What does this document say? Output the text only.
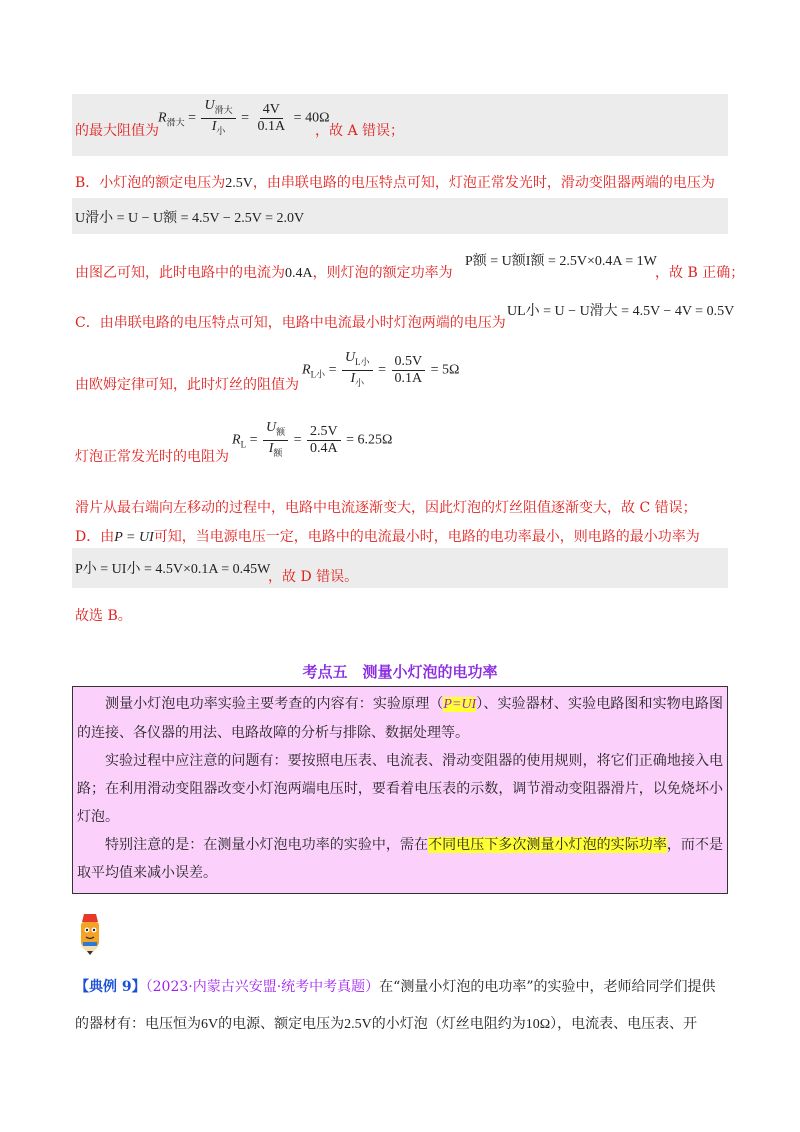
的最大阻值为
$R_{滑大} = \frac{U_{滑大}}{I_小} = \frac{4V}{0.1A} = 40\Omega$
，故 A 错误；
B．小灯泡的额定电压为2.5V，由串联电路的电压特点可知，灯泡正常发光时，滑动变阻器两端的电压为
U滑小 = U − U额 = 4.5V − 2.5V = 2.0V
由图乙可知，此时电路中的电流为0.4A，则灯泡的额定功率为
P额 = U额I额 = 2.5V×0.4A = 1W
，故 B 正确；
C．由串联电路的电压特点可知，电路中电流最小时灯泡两端的电压为
UL小 = U − U滑大 = 4.5V − 4V = 0.5V
由欧姆定律可知，此时灯丝的阻值为
$R_{L小} = \frac{U_{L小}}{I_小} = \frac{0.5V}{0.1A} = 5\Omega$
灯泡正常发光时的电阻为
$R_L = \frac{U_额}{I_额} = \frac{2.5V}{0.4A} = 6.25\Omega$
滑片从最右端向左移动的过程中，电路中电流逐渐变大，因此灯泡的灯丝阻值逐渐变大，故 C 错误；
D．由P = UI可知，当电源电压一定，电路中的电流最小时，电路的电功率最小，则电路的最小功率为
P小 = UI小 = 4.5V×0.1A = 0.45W
，故 D 错误。
故选 B。
考点五　测量小灯泡的电功率

测量小灯泡电功率实验主要考查的内容有：实验原理（P=UI）、实验器材、实验电路图和实物电路图的连接、各仪器的用法、电路故障的分析与排除、数据处理等。

实验过程中应注意的问题有：要按照电压表、电流表、滑动变阻器的使用规则，将它们正确地接入电路；在利用滑动变阻器改变小灯泡两端电压时，要看着电压表的示数，调节滑动变阻器滑片，以免烧坏小灯泡。

特别注意的是：在测量小灯泡电功率的实验中，需在不同电压下多次测量小灯泡的实际功率，而不是取平均值来减小误差。

【典例 9】（2023·内蒙古兴安盟·统考中考真题）在“测量小灯泡的电功率”的实验中，老师给同学们提供
的器材有：电压恒为6V的电源、额定电压为2.5V的小灯泡（灯丝电阻约为10Ω），电流表、电压表、开
